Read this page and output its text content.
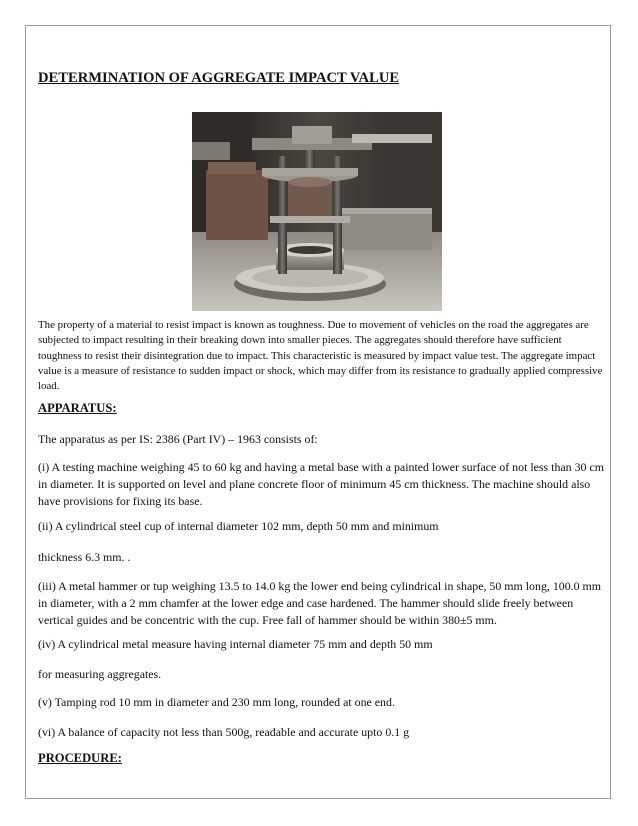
DETERMINATION OF AGGREGATE IMPACT VALUE

The property of a material to resist impact is known as toughness. Due to movement of vehicles on the road the aggregates are subjected to impact resulting in their breaking down into smaller pieces. The aggregates should therefore have sufficient toughness to resist their disintegration due to impact. This characteristic is measured by impact value test. The aggregate impact value is a measure of resistance to sudden impact or shock, which may differ from its resistance to gradually applied compressive load.

APPARATUS:

The apparatus as per IS: 2386 (Part IV) – 1963 consists of:

(i) A testing machine weighing 45 to 60 kg and having a metal base with a painted lower surface of not less than 30 cm in diameter. It is supported on level and plane concrete floor of minimum 45 cm thickness. The machine should also have provisions for fixing its base.

(ii) A cylindrical steel cup of internal diameter 102 mm, depth 50 mm and minimum

thickness 6.3 mm. .

(iii) A metal hammer or tup weighing 13.5 to 14.0 kg the lower end being cylindrical in shape, 50 mm long, 100.0 mm in diameter, with a 2 mm chamfer at the lower edge and case hardened. The hammer should slide freely between vertical guides and be concentric with the cup. Free fall of hammer should be within 380±5 mm.

(iv) A cylindrical metal measure having internal diameter 75 mm and depth 50 mm

for measuring aggregates.

(v) Tamping rod 10 mm in diameter and 230 mm long, rounded at one end.

(vi) A balance of capacity not less than 500g, readable and accurate upto 0.1 g

PROCEDURE:
